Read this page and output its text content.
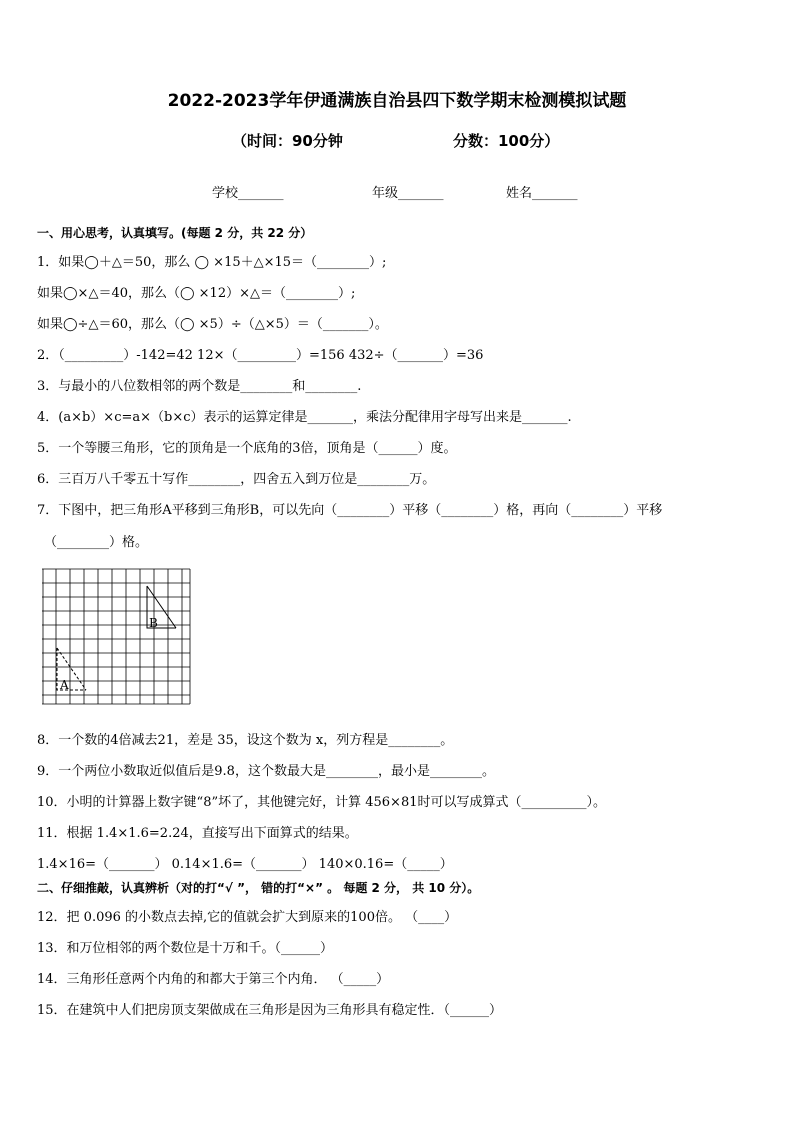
2022-2023学年伊通满族自治县四下数学期末检测模拟试题
（时间：90分钟	分数：100分）
学校_______	年级_______	姓名_______
一、用心思考，认真填写。(每题 2 分，共 22 分）
1．如果◯＋△＝50，那么 ◯ ×15＋△×15＝（________）;
如果◯×△＝40，那么（◯ ×12）×△＝（________）;
如果◯÷△＝60，那么（◯ ×5）÷（△×5）＝（_______）。
2．（_________）-142=42 12×（_________）=156 432÷（_______）=36
3．与最小的八位数相邻的两个数是________和________.
4．(a×b）×c=a×（b×c）表示的运算定律是_______，乘法分配律用字母写出来是_______.
5．一个等腰三角形，它的顶角是一个底角的3倍，顶角是（______）度。
6．三百万八千零五十写作________，四舍五入到万位是________万。
7．下图中，把三角形A平移到三角形B，可以先向（________）平移（________）格，再向（________）平移
（________）格。
A
B
8．一个数的4倍减去21，差是 35，设这个数为 x，列方程是________。
9．一个两位小数取近似值后是9.8，这个数最大是________，最小是________。
10．小明的计算器上数字键“8”坏了，其他键完好，计算 456×81时可以写成算式（__________）。
11．根据 1.4×1.6=2.24，直接写出下面算式的结果。
1.4×16=（_______） 0.14×1.6=（_______） 140×0.16=（_____）
二、仔细推敲，认真辨析（对的打“√ ”， 错的打“×” 。 每题 2 分， 共 10 分）。
12．把 0.096 的小数点去掉,它的值就会扩大到原来的100倍。 （____）
13．和万位相邻的两个数位是十万和千。（______）
14．三角形任意两个内角的和都大于第三个内角． （_____）
15．在建筑中人们把房顶支架做成在三角形是因为三角形具有稳定性．（______）
